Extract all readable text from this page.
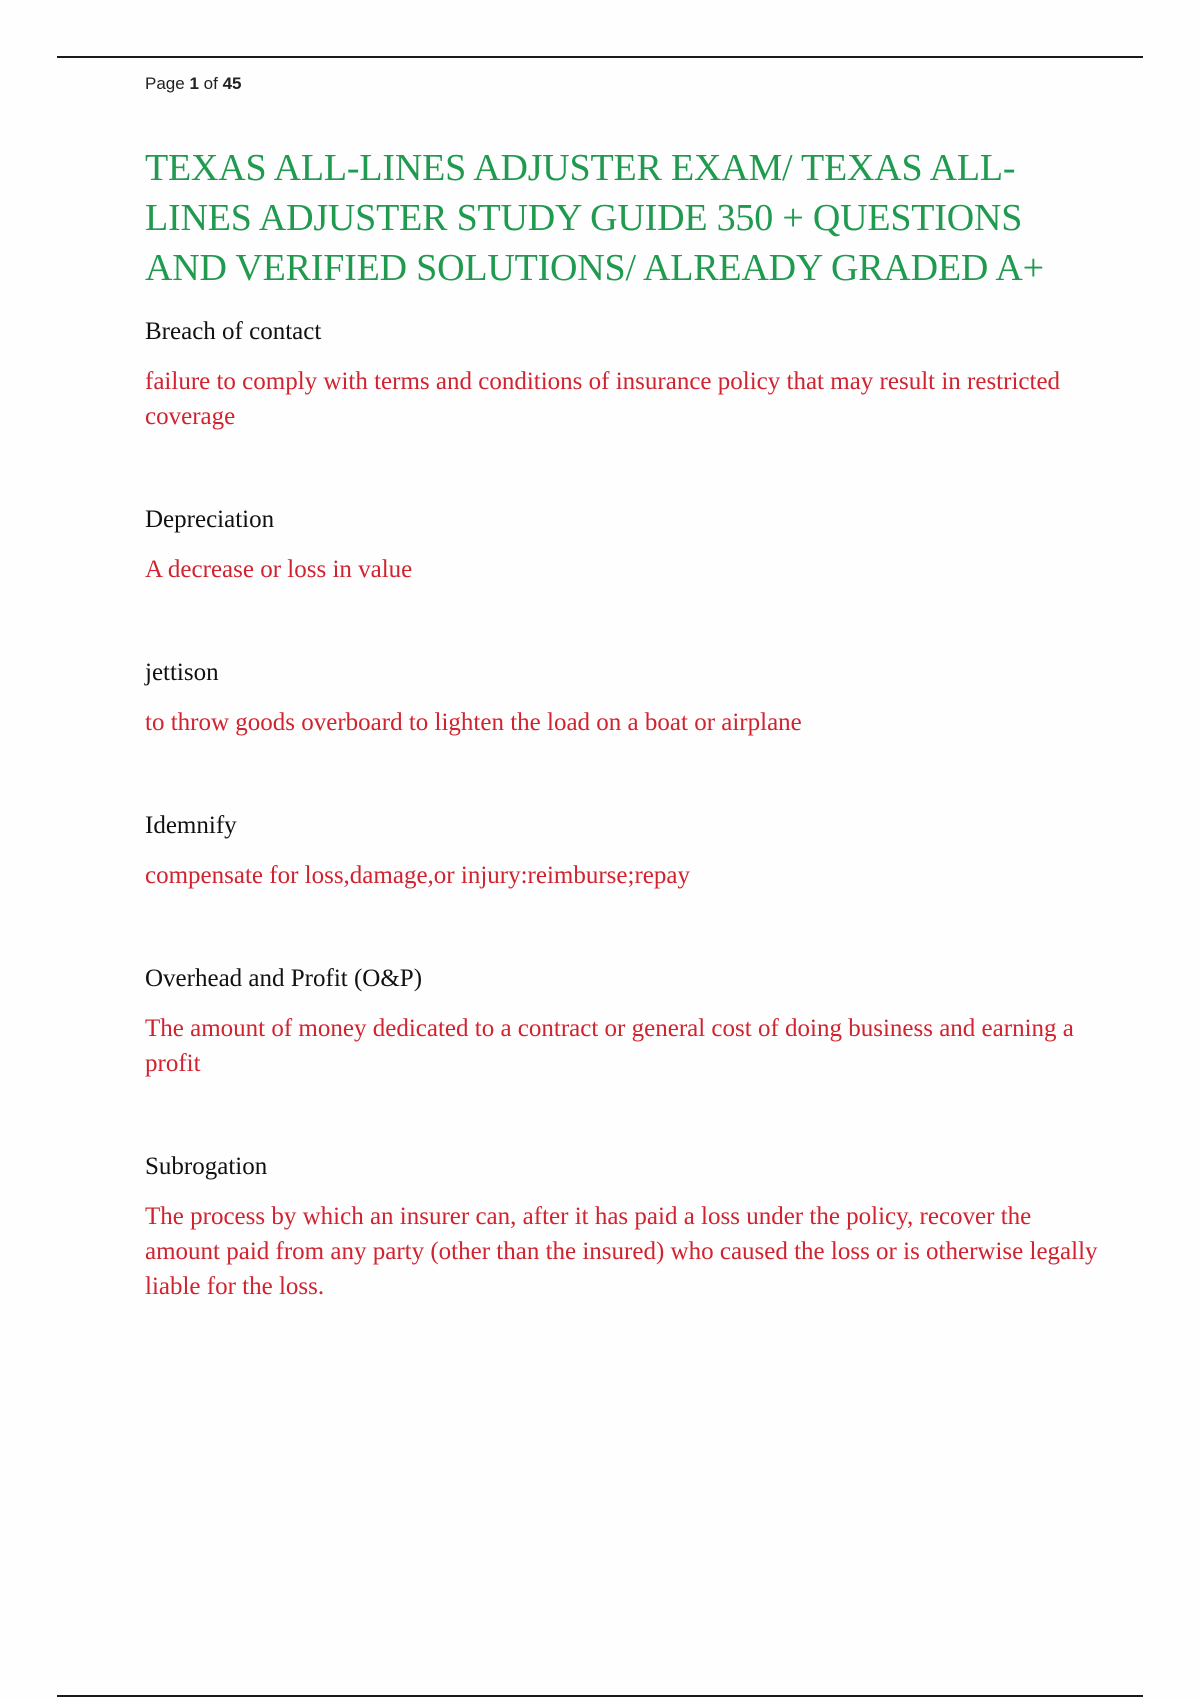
Page 1 of 45
TEXAS ALL-LINES ADJUSTER EXAM/ TEXAS ALL-LINES ADJUSTER STUDY GUIDE 350 + QUESTIONS AND VERIFIED SOLUTIONS/ ALREADY GRADED A+

Breach of contact

failure to comply with terms and conditions of insurance policy that may result in restricted coverage

Depreciation

A decrease or loss in value

jettison

to throw goods overboard to lighten the load on a boat or airplane

Idemnify

compensate for loss,damage,or injury:reimburse;repay

Overhead and Profit (O&P)

The amount of money dedicated to a contract or general cost of doing business and earning a profit

Subrogation

The process by which an insurer can, after it has paid a loss under the policy, recover the amount paid from any party (other than the insured) who caused the loss or is otherwise legally liable for the loss.
